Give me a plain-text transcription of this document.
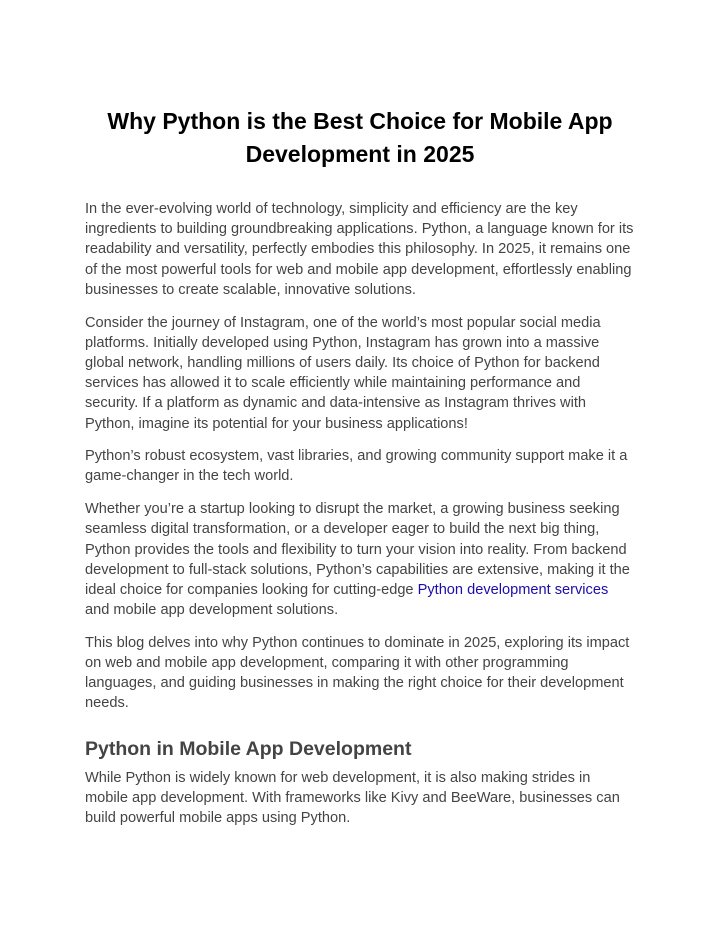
Why Python is the Best Choice for Mobile App Development in 2025

In the ever-evolving world of technology, simplicity and efficiency are the key ingredients to building groundbreaking applications. Python, a language known for its readability and versatility, perfectly embodies this philosophy. In 2025, it remains one of the most powerful tools for web and mobile app development, effortlessly enabling businesses to create scalable, innovative solutions.

Consider the journey of Instagram, one of the world’s most popular social media platforms. Initially developed using Python, Instagram has grown into a massive global network, handling millions of users daily. Its choice of Python for backend services has allowed it to scale efficiently while maintaining performance and security. If a platform as dynamic and data-intensive as Instagram thrives with Python, imagine its potential for your business applications!

Python’s robust ecosystem, vast libraries, and growing community support make it a game-changer in the tech world.

Whether you’re a startup looking to disrupt the market, a growing business seeking seamless digital transformation, or a developer eager to build the next big thing, Python provides the tools and flexibility to turn your vision into reality. From backend development to full-stack solutions, Python’s capabilities are extensive, making it the ideal choice for companies looking for cutting-edge Python development services and mobile app development solutions.

This blog delves into why Python continues to dominate in 2025, exploring its impact on web and mobile app development, comparing it with other programming languages, and guiding businesses in making the right choice for their development needs.

Python in Mobile App Development

While Python is widely known for web development, it is also making strides in mobile app development. With frameworks like Kivy and BeeWare, businesses can build powerful mobile apps using Python.
